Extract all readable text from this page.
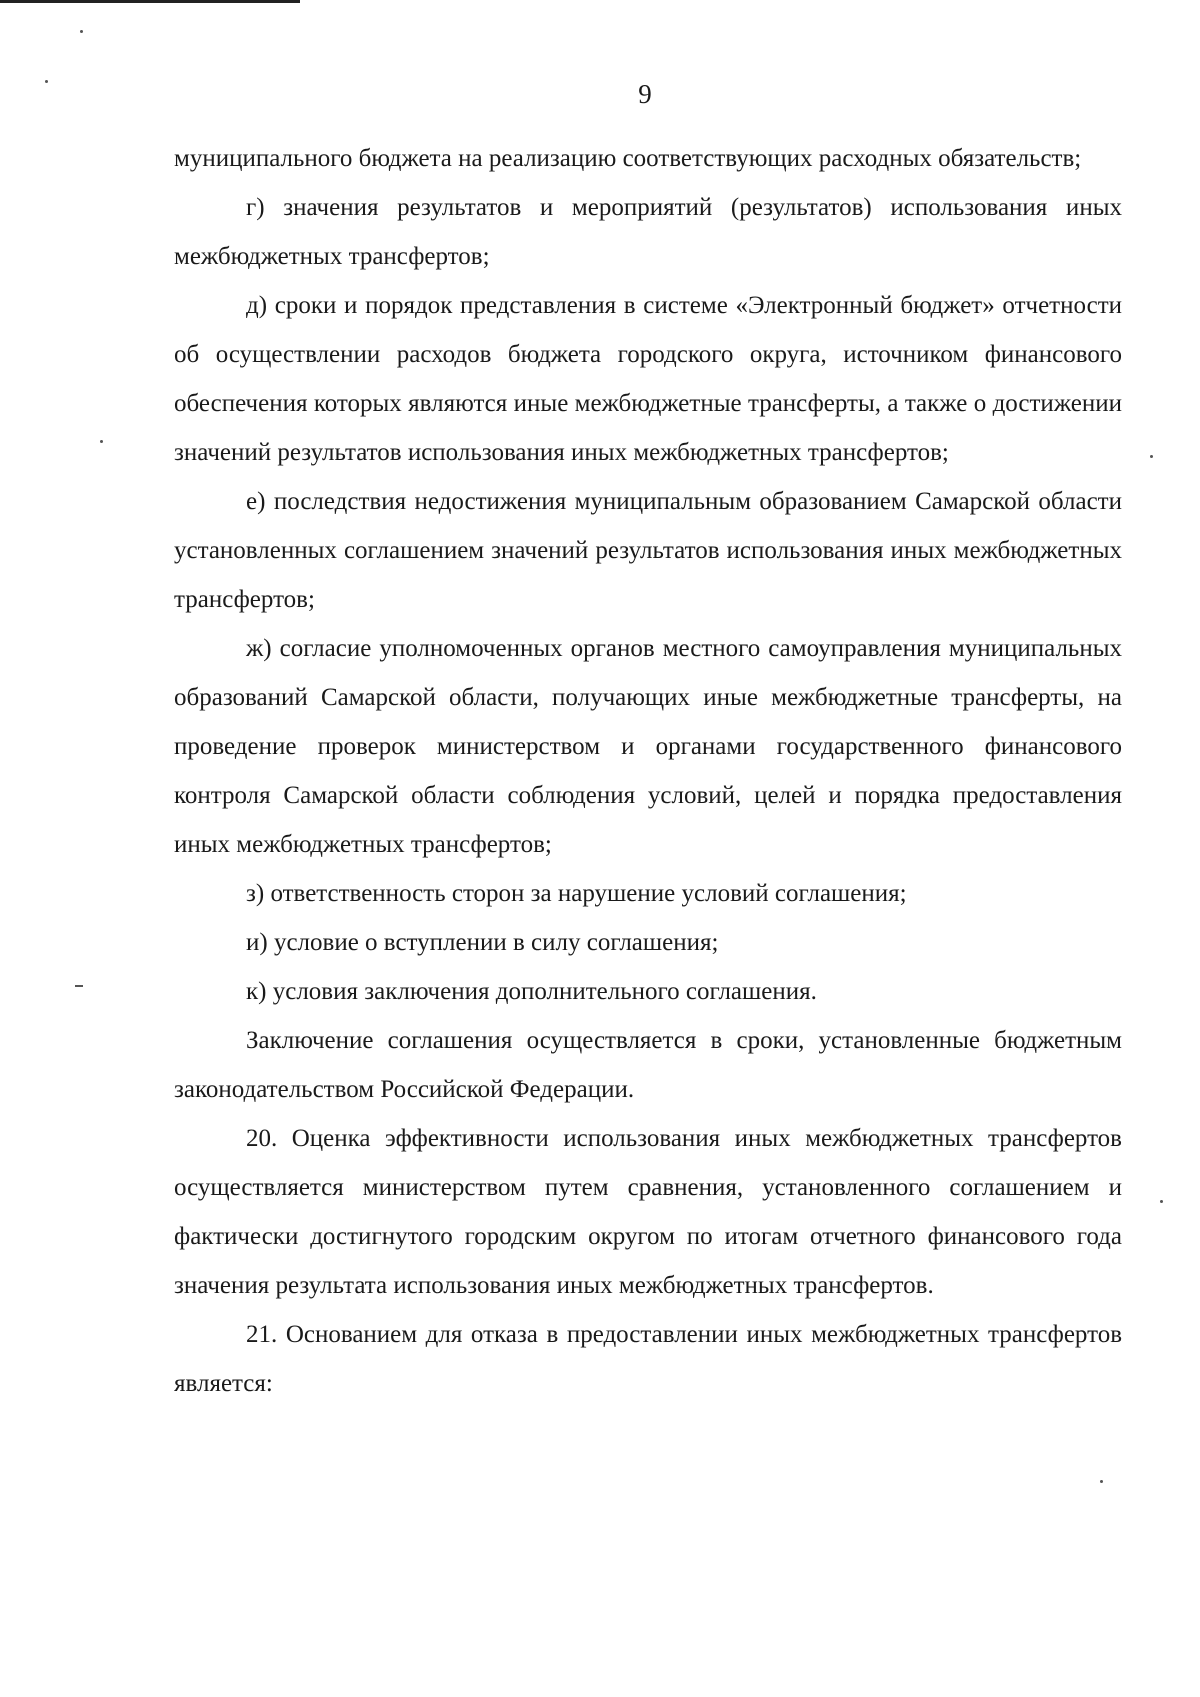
9

муниципального бюджета на реализацию соответствующих расходных обязательств;

г) значения результатов и мероприятий (результатов) использования иных межбюджетных трансфертов;

д) сроки и порядок представления в системе «Электронный бюджет» отчетности об осуществлении расходов бюджета городского округа, источником финансового обеспечения которых являются иные межбюджетные трансферты, а также о достижении значений результатов использования иных межбюджетных трансфертов;

е) последствия недостижения муниципальным образованием Самарской области установленных соглашением значений результатов использования иных межбюджетных трансфертов;

ж) согласие уполномоченных органов местного самоуправления муниципальных образований Самарской области, получающих иные межбюджетные трансферты, на проведение проверок министерством и органами государственного финансового контроля Самарской области соблюдения условий, целей и порядка предоставления иных межбюджетных трансфертов;

з) ответственность сторон за нарушение условий соглашения;

и) условие о вступлении в силу соглашения;

к) условия заключения дополнительного соглашения.

Заключение соглашения осуществляется в сроки, установленные бюджетным законодательством Российской Федерации.

20. Оценка эффективности использования иных межбюджетных трансфертов осуществляется министерством путем сравнения, установленного соглашением и фактически достигнутого городским округом по итогам отчетного финансового года значения результата использования иных межбюджетных трансфертов.

21. Основанием для отказа в предоставлении иных межбюджетных трансфертов является:
